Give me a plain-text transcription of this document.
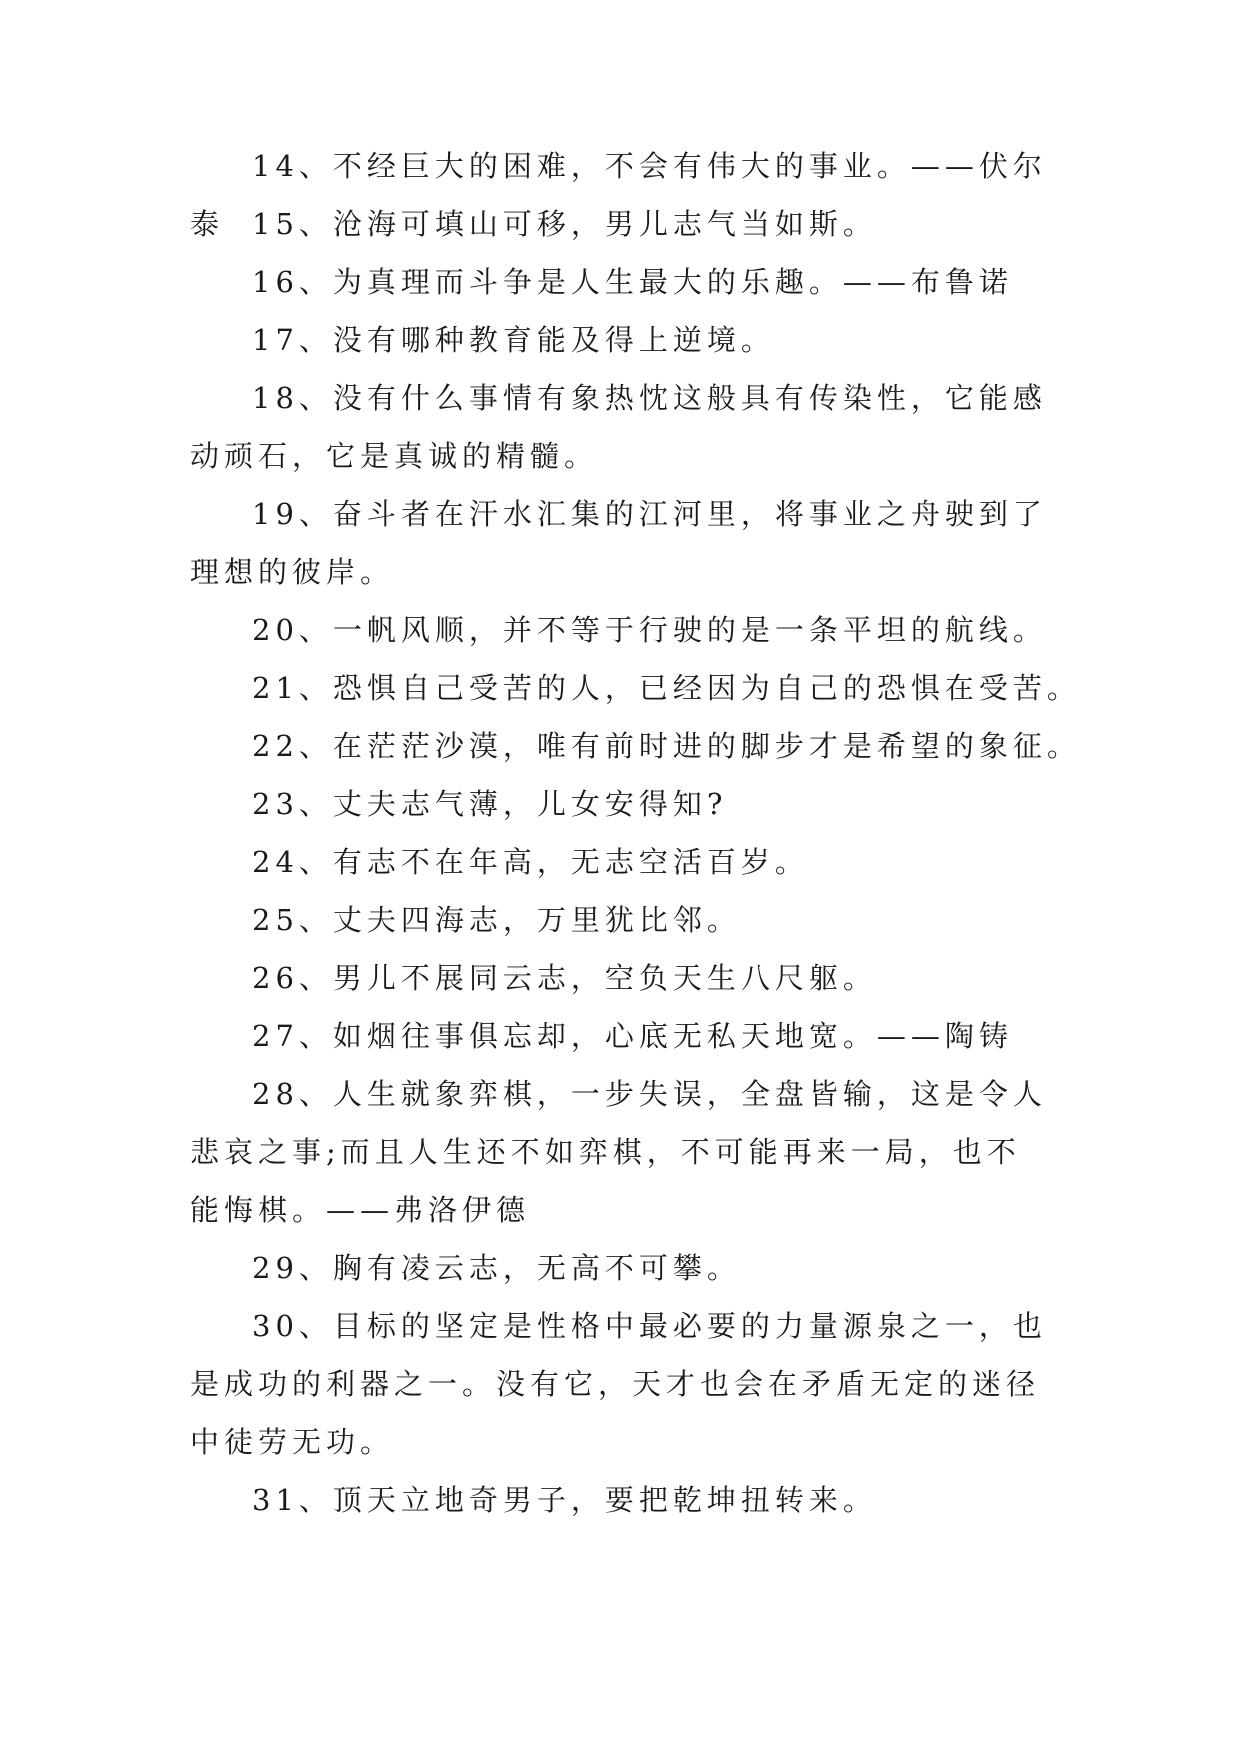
14、不经巨大的困难，不会有伟大的事业。——伏尔泰 15、沧海可填山可移，男儿志气当如斯。

16、为真理而斗争是人生最大的乐趣。——布鲁诺

17、没有哪种教育能及得上逆境。

18、没有什么事情有象热忱这般具有传染性，它能感动顽石，它是真诚的精髓。

19、奋斗者在汗水汇集的江河里，将事业之舟驶到了理想的彼岸。

20、一帆风顺，并不等于行驶的是一条平坦的航线。

21、恐惧自己受苦的人，已经因为自己的恐惧在受苦。

22、在茫茫沙漠，唯有前时进的脚步才是希望的象征。

23、丈夫志气薄，儿女安得知?

24、有志不在年高，无志空活百岁。

25、丈夫四海志，万里犹比邻。

26、男儿不展同云志，空负天生八尺躯。

27、如烟往事俱忘却，心底无私天地宽。——陶铸

28、人生就象弈棋，一步失误，全盘皆输，这是令人悲哀之事;而且人生还不如弈棋，不可能再来一局，也不能悔棋。——弗洛伊德

29、胸有凌云志，无高不可攀。

30、目标的坚定是性格中最必要的力量源泉之一，也是成功的利器之一。没有它，天才也会在矛盾无定的迷径中徒劳无功。

31、顶天立地奇男子，要把乾坤扭转来。
